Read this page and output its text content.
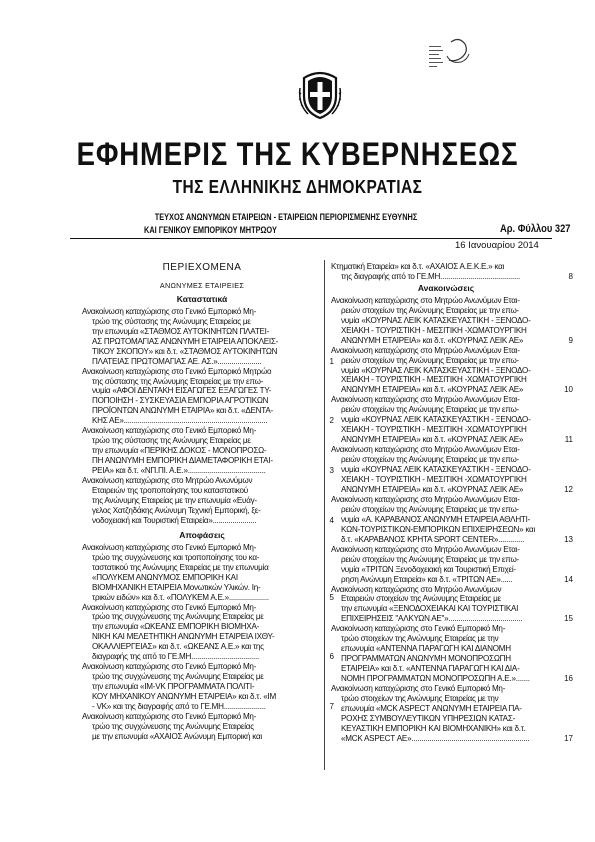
ΕΦΗΜΕΡΙΣ ΤΗΣ ΚΥΒΕΡΝΗΣΕΩΣ
ΤΗΣ ΕΛΛΗΝΙΚΗΣ ΔΗΜΟΚΡΑΤΙΑΣ
ΤΕΥΧΟΣ ΑΝΩΝΥΜΩΝ ΕΤΑΙΡΕΙΩΝ - ΕΤΑΙΡΕΙΩΝ ΠΕΡΙΟΡΙΣΜΕΝΗΣ ΕΥΘΥΝΗΣ
ΚΑΙ ΓΕΝΙΚΟΥ ΕΜΠΟΡΙΚΟΥ ΜΗΤΡΩΟΥ	Αρ. Φύλλου 327
16 Ιανουαρίου 2014
ΠΕΡΙΕΧΟΜΕΝΑ
ΑΝΩΝΥΜΕΣ ΕΤΑΙΡΕΙΕΣ
Καταστατικά
Ανακοίνωση καταχώρισης στο Γενικό Εμπορικό Μη-
τρώο της σύστασης της Ανώνυμης Εταιρείας με
την επωνυμία «ΣΤΑΘΜΟΣ ΑΥΤΟΚΙΝΗΤΩΝ ΠΛΑΤΕΙ-
ΑΣ ΠΡΩΤΟΜΑΓΙΑΣ ΑΝΩΝΥΜΗ ΕΤΑΙΡΕΙΑ ΑΠΟΚΛΕΙΣ-
ΤΙΚΟΥ ΣΚΟΠΟΥ» και δ.τ. «ΣΤΑΘΜΟΣ ΑΥΤΟΚΙΝΗΤΩΝ
ΠΛΑΤΕΙΑΣ ΠΡΩΤΟΜΑΓΙΑΣ ΑΕ. ΑΣ.»......................	1
Ανακοίνωση καταχώρισης στο Γενικό Εμπορικό Μητρώο
της σύστασης της Ανώνυμης Εταιρείας με την επω-
νυμία «ΑΦΟΙ ΔΕΝΤΑΚΗ ΕΙΣΑΓΩΓΕΣ ΕΞΑΓΩΓΕΣ ΤΥ-
ΠΟΠΟΙΗΣΗ - ΣΥΣΚΕΥΑΣΙΑ ΕΜΠΟΡΙΑ ΑΓΡΟΤΙΚΩΝ
ΠΡΟΪΟΝΤΩΝ ΑΝΩΝΥΜΗ ΕΤΑΙΡΙΑ» και δ.τ. «ΔΕΝΤΑ-
ΚΗΣ ΑΕ»........................................................................	2
Ανακοίνωση καταχώρισης στο Γενικό Εμπορικό Μη-
τρώο της σύστασης της Ανώνυμης Εταιρείας με
την επωνυμία «ΠΕΡΙΚΗΣ ΔΟΚΟΣ - ΜΟΝΟΠΡΟΣΩ-
ΠΗ ΑΝΩΝΥΜΗ ΕΜΠΟΡΙΚΗ ΔΙΑΜΕΤΑΦΟΡΙΚΗ ΕΤΑΙ-
ΡΕΙΑ» και δ.τ. «ΝΠ.ΠΙ. Α.Ε.».......................................	3
Ανακοίνωση καταχώρισης στο Μητρώο Ανωνύμων
Εταιρειών της τροποποίησης του καταστατικού
της Ανώνυμης Εταιρείας με την επωνυμία «Ευάγ-
γελος Χατζηδάκης Ανώνυμη Τεχνική Εμπορική, ξε-
νοδοχειακή και Τουριστική Εταιρεία»......................	4
Αποφάσεις
Ανακοίνωση καταχώρισης στο Γενικό Εμπορικό Μη-
τρώο της συγχώνευσης και τροποποίησης του κα-
ταστατικού της Ανώνυμης Εταιρείας με την επωνυμία
«ΠΟΛΥΚΕΜ ΑΝΩΝΥΜΟΣ ΕΜΠΟΡΙΚΗ ΚΑΙ
ΒΙΟΜΗΧΑΝΙΚΗ ΕΤΑΙΡΕΙΑ Μονωτικών Υλικών. Ιη-
τρικών ειδών» και δ.τ. «ΠΟΛΥΚΕΜ Α.Ε.»....................	5
Ανακοίνωση καταχώρισης στο Γενικό Εμπορικό Μη-
τρώο της συγχώνευσης της Ανώνυμης Εταιρείας με
την επωνυμία «ΩΚΕΑΝΣ ΕΜΠΟΡΙΚΗ ΒΙΟΜΗΧΑ-
ΝΙΚΗ ΚΑΙ ΜΕΛΕΤΗΤΙΚΗ ΑΝΩΝΥΜΗ ΕΤΑΙΡΕΙΑ ΙΧΘΥ-
ΟΚΑΛΛΙΕΡΓΕΙΑΣ» και δ.τ. «ΩΚΕΑΝΣ Α.Ε.» και της
διαγραφής της από το ΓΕ.ΜΗ..................................	6
Ανακοίνωση καταχώρισης στο Γενικό Εμπορικό Μη-
τρώο της συγχώνευσης της Ανώνυμης Εταιρείας με
την επωνυμία «ΙΜ-VK ΠΡΟΓΡΑΜΜΑΤΑ ΠΟΛΙΤΙ-
ΚΟΥ ΜΗΧΑΝΙΚΟΥ ΑΝΩΝΥΜΗ ΕΤΑΙΡΕΙΑ» και δ.τ. «ΙΜ
- VK» και της διαγραφής από το ΓΕ.ΜΗ.....................	7
Ανακοίνωση καταχώρισης στο Γενικό Εμπορικό Μη-
τρώο της συγχώνευσης της Ανώνυμης Εταιρείας
με την επωνυμία «ΑΧΑΙΟΣ Ανώνυμη Εμπορική και
Κτηματική Εταιρεία» και δ.τ. «ΑΧΑΙΟΣ Α.Ε.Κ.Ε.» και
της διαγραφής από το ΓΕ.ΜΗ........................................	8
Ανακοινώσεις
Ανακοίνωση καταχώρισης στο Μητρώο Ανωνύμων Εται-
ρειών στοιχείων της Ανώνυμης Εταιρείας με την επω-
νυμία «ΚΟΥΡΝΑΣ ΛΕΙΚ ΚΑΤΑΣΚΕΥΑΣΤΙΚΗ - ΞΕΝΟΔΟ-
ΧΕΙΑΚΗ - ΤΟΥΡΙΣΤΙΚΗ - ΜΕΣΙΤΙΚΗ -ΧΩΜΑΤΟΥΡΓΙΚΗ
ΑΝΩΝΥΜΗ ΕΤΑΙΡΕΙΑ» και δ.τ. «ΚΟΥΡΝΑΣ ΛΕΙΚ ΑΕ»	9
Ανακοίνωση καταχώρισης στο Μητρώο Ανωνύμων Εται-
ρειών στοιχείων της Ανώνυμης Εταιρείας με την επω-
νυμία «ΚΟΥΡΝΑΣ ΛΕΙΚ ΚΑΤΑΣΚΕΥΑΣΤΙΚΗ - ΞΕΝΟΔΟ-
ΧΕΙΑΚΗ - ΤΟΥΡΙΣΤΙΚΗ - ΜΕΣΙΤΙΚΗ -ΧΩΜΑΤΟΥΡΓΙΚΗ
ΑΝΩΝΥΜΗ ΕΤΑΙΡΕΙΑ» και δ.τ. «ΚΟΥΡΝΑΣ ΛΕΙΚ ΑΕ»	10
Ανακοίνωση καταχώρισης στο Μητρώο Ανωνύμων Εται-
ρειών στοιχείων της Ανώνυμης Εταιρείας με την επω-
νυμία «ΚΟΥΡΝΑΣ ΛΕΙΚ ΚΑΤΑΣΚΕΥΑΣΤΙΚΗ - ΞΕΝΟΔΟ-
ΧΕΙΑΚΗ - ΤΟΥΡΙΣΤΙΚΗ - ΜΕΣΙΤΙΚΗ -ΧΩΜΑΤΟΥΡΓΙΚΗ
ΑΝΩΝΥΜΗ ΕΤΑΙΡΕΙΑ» και δ.τ. «ΚΟΥΡΝΑΣ ΛΕΙΚ ΑΕ»	11
Ανακοίνωση καταχώρισης στο Μητρώο Ανωνύμων Εται-
ρειών στοιχείων της Ανώνυμης Εταιρείας με την επω-
νυμία «ΚΟΥΡΝΑΣ ΛΕΙΚ ΚΑΤΑΣΚΕΥΑΣΤΙΚΗ - ΞΕΝΟΔΟ-
ΧΕΙΑΚΗ - ΤΟΥΡΙΣΤΙΚΗ - ΜΕΣΙΤΙΚΗ -ΧΩΜΑΤΟΥΡΓΙΚΗ
ΑΝΩΝΥΜΗ ΕΤΑΙΡΕΙΑ» και δ.τ. «ΚΟΥΡΝΑΣ ΛΕΙΚ ΑΕ»	12
Ανακοίνωση καταχώρισης στο Μητρώο Ανωνύμων Εται-
ρειών στοιχείων της Ανώνυμης Εταιρείας με την επω-
νυμία «Α. ΚΑΡΑΒΑΝΟΣ ΑΝΩΝΥΜΗ ΕΤΑΙΡΕΙΑ ΑΘΛΗΤΙ-
ΚΩΝ-ΤΟΥΡΙΣΤΙΚΩΝ-ΕΜΠΟΡΙΚΩΝ ΕΠΙΧΕΙΡΗΣΕΩΝ» και
δ.τ. «ΚΑΡΑΒΑΝΟΣ ΚΡΗΤΑ SPORT CENTER».............	13
Ανακοίνωση καταχώρισης στο Μητρώο Ανωνύμων Εται-
ρειών στοιχείων της Ανώνυμης Εταιρείας με την επω-
νυμία «ΤΡΙΤΩΝ Ξενοδοχειακή και Τουριστική Επιχεί-
ρηση Ανώνυμη Εταιρεία» και δ.τ. «ΤΡΙΤΩΝ ΑΕ»......	14
Ανακοίνωση καταχώρισης στο Μητρώο Ανωνύμων
Εταιρειών στοιχείων της Ανώνυμης Εταιρείας με
την επωνυμία «ΞΕΝΟΔΟΧΕΙΑΚΑΙ ΚΑΙ ΤΟΥΡΙΣΤΙΚΑΙ
ΕΠΙΧΕΙΡΗΣΕΙΣ "ΑΛΚΥΩΝ ΑΕ"».....................................	15
Ανακοίνωση καταχώρισης στο Γενικό Εμπορικό Μη-
τρώο στοιχείων της Ανώνυμης Εταιρείας με την
επωνυμία «ΑΝΤΕΝΝΑ ΠΑΡΑΓΩΓΗ ΚΑΙ ΔΙΑΝΟΜΗ
ΠΡΟΓΡΑΜΜΑΤΩΝ ΑΝΩΝΥΜΗ ΜΟΝΟΠΡΟΣΩΠΗ
ΕΤΑΙΡΕΙΑ» και δ.τ. «ΑΝΤΕΝΝΑ ΠΑΡΑΓΩΓΗ ΚΑΙ ΔΙΑ-
ΝΟΜΗ ΠΡΟΓΡΑΜΜΑΤΩΝ ΜΟΝΟΠΡΟΣΩΠΗ Α.Ε.».......	16
Ανακοίνωση καταχώρισης στο Γενικό Εμπορικό Μη-
τρώο στοιχείων της Ανώνυμης Εταιρείας με την
επωνυμία «MCK ASPECT ΑΝΩΝΥΜΗ ΕΤΑΙΡΕΙΑ ΠΑ-
ΡΟΧΗΣ ΣΥΜΒΟΥΛΕΥΤΙΚΩΝ ΥΠΗΡΕΣΙΩΝ ΚΑΤΑΣ-
ΚΕΥΑΣΤΙΚΗ ΕΜΠΟΡΙΚΗ ΚΑΙ ΒΙΟΜΗΧΑΝΙΚΗ» και δ.τ.
«MCK ASPECT ΑΕ»...........................................................	17
